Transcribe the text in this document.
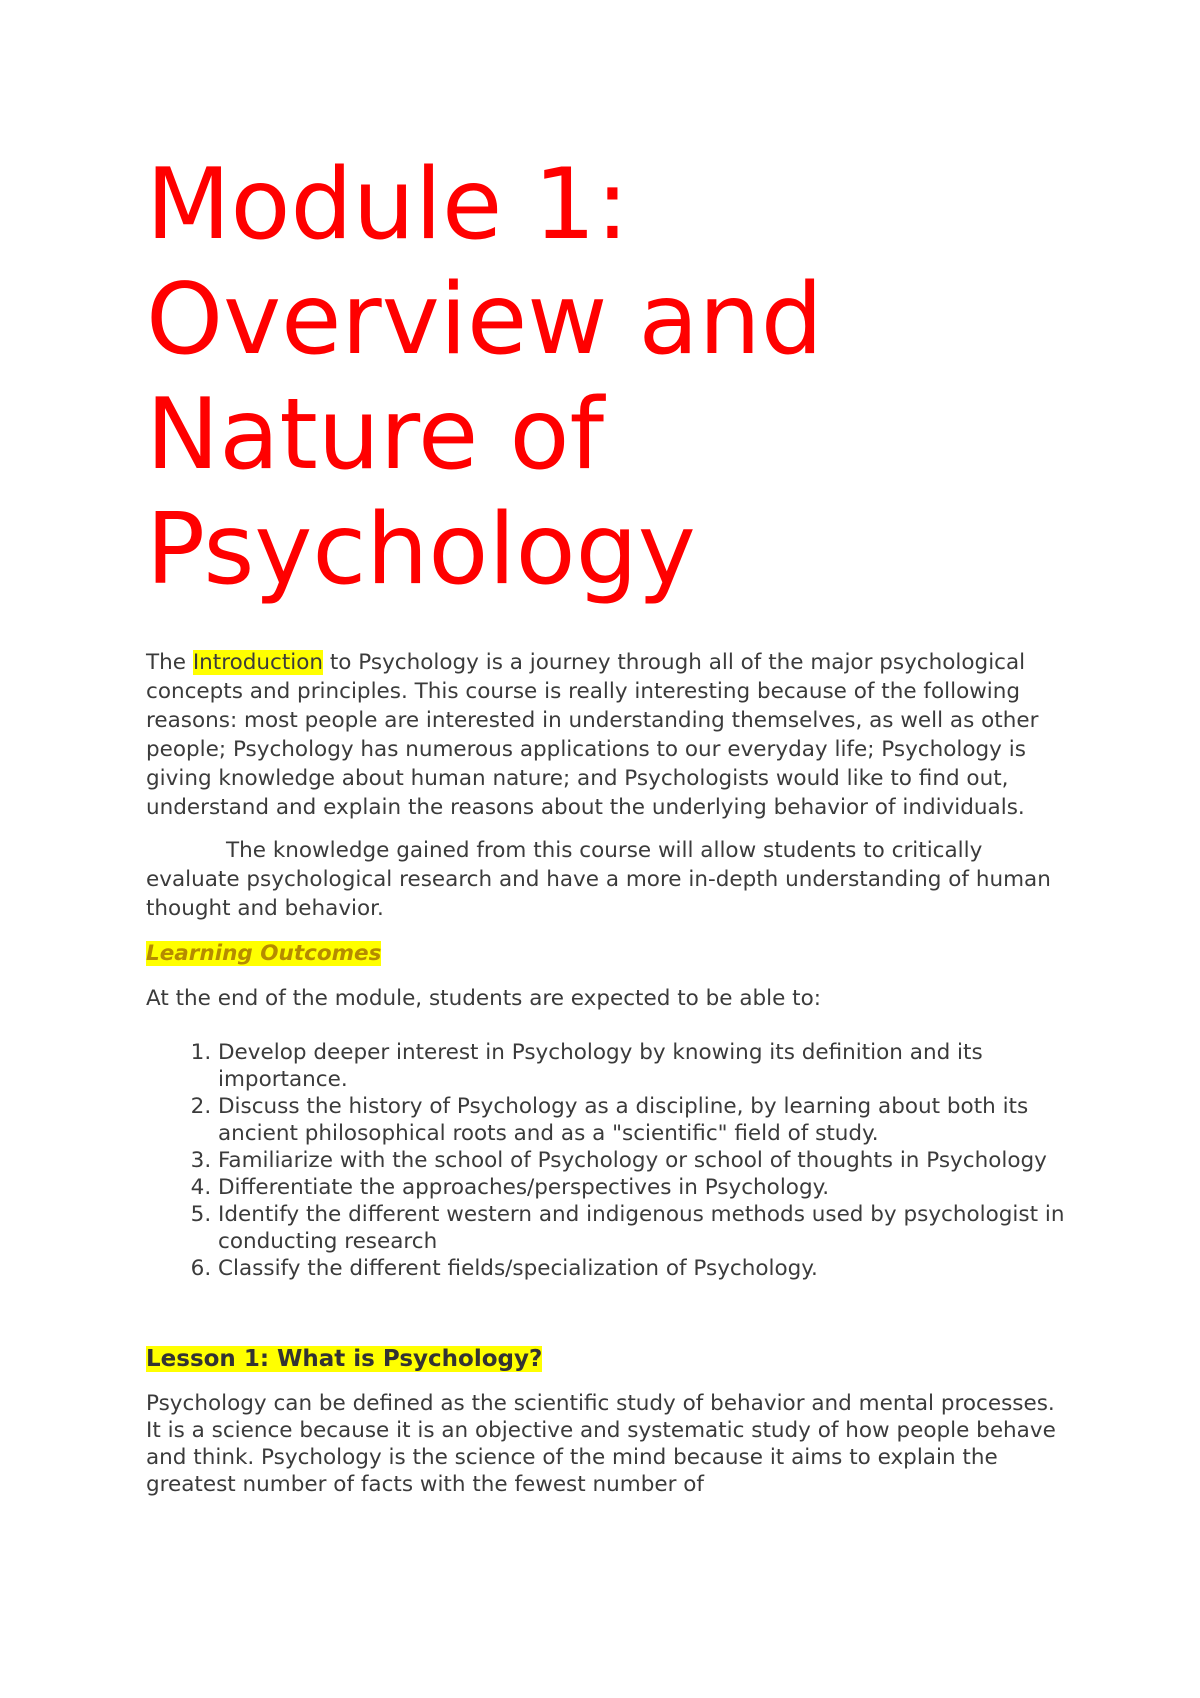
Module 1:
Overview and
Nature of
Psychology

The Introduction to Psychology is a journey through all of the major psychological concepts and principles. This course is really interesting because of the following reasons: most people are interested in understanding themselves, as well as other people; Psychology has numerous applications to our everyday life; Psychology is giving knowledge about human nature; and Psychologists would like to find out, understand and explain the reasons about the underlying behavior of individuals.

The knowledge gained from this course will allow students to critically evaluate psychological research and have a more in-depth understanding of human thought and behavior.

Learning Outcomes

At the end of the module, students are expected to be able to:

1. Develop deeper interest in Psychology by knowing its definition and its importance.
2. Discuss the history of Psychology as a discipline, by learning about both its ancient philosophical roots and as a "scientific" field of study.
3. Familiarize with the school of Psychology or school of thoughts in Psychology
4. Differentiate the approaches/perspectives in Psychology.
5. Identify the different western and indigenous methods used by psychologist in conducting research
6. Classify the different fields/specialization of Psychology.
Lesson 1: What is Psychology?

Psychology can be defined as the scientific study of behavior and mental processes. It is a science because it is an objective and systematic study of how people behave and think. Psychology is the science of the mind because it aims to explain the greatest number of facts with the fewest number of
